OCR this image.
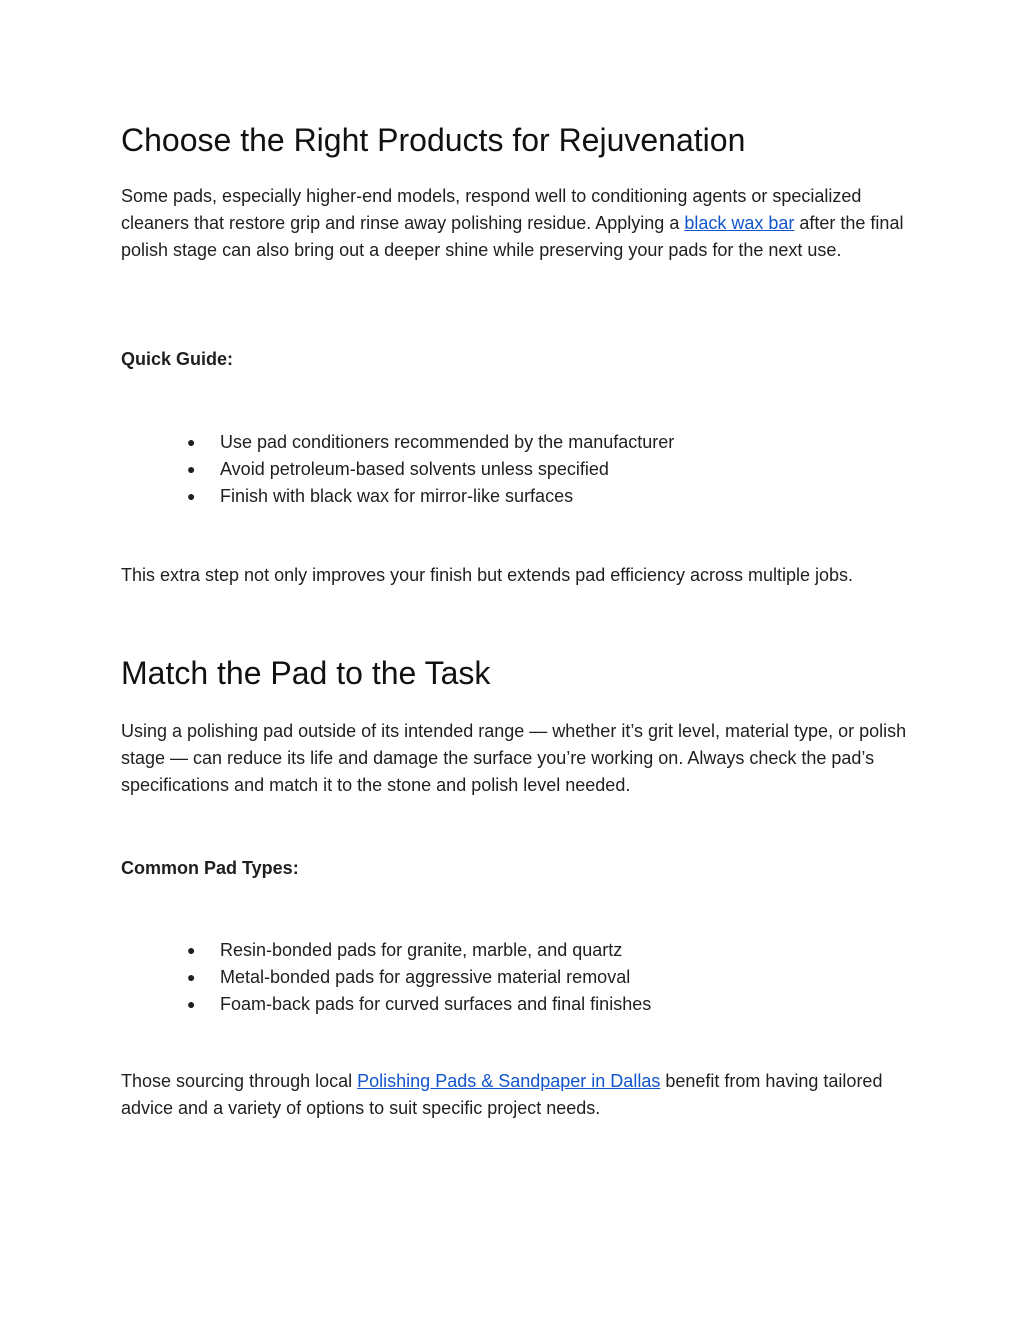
Choose the Right Products for Rejuvenation

Some pads, especially higher-end models, respond well to conditioning agents or specialized cleaners that restore grip and rinse away polishing residue. Applying a black wax bar after the final polish stage can also bring out a deeper shine while preserving your pads for the next use.

Quick Guide:
● Use pad conditioners recommended by the manufacturer
● Avoid petroleum-based solvents unless specified
● Finish with black wax for mirror-like surfaces

This extra step not only improves your finish but extends pad efficiency across multiple jobs.

Match the Pad to the Task

Using a polishing pad outside of its intended range — whether it’s grit level, material type, or polish stage — can reduce its life and damage the surface you’re working on. Always check the pad’s specifications and match it to the stone and polish level needed.

Common Pad Types:
● Resin-bonded pads for granite, marble, and quartz
● Metal-bonded pads for aggressive material removal
● Foam-back pads for curved surfaces and final finishes

Those sourcing through local Polishing Pads & Sandpaper in Dallas benefit from having tailored advice and a variety of options to suit specific project needs.
